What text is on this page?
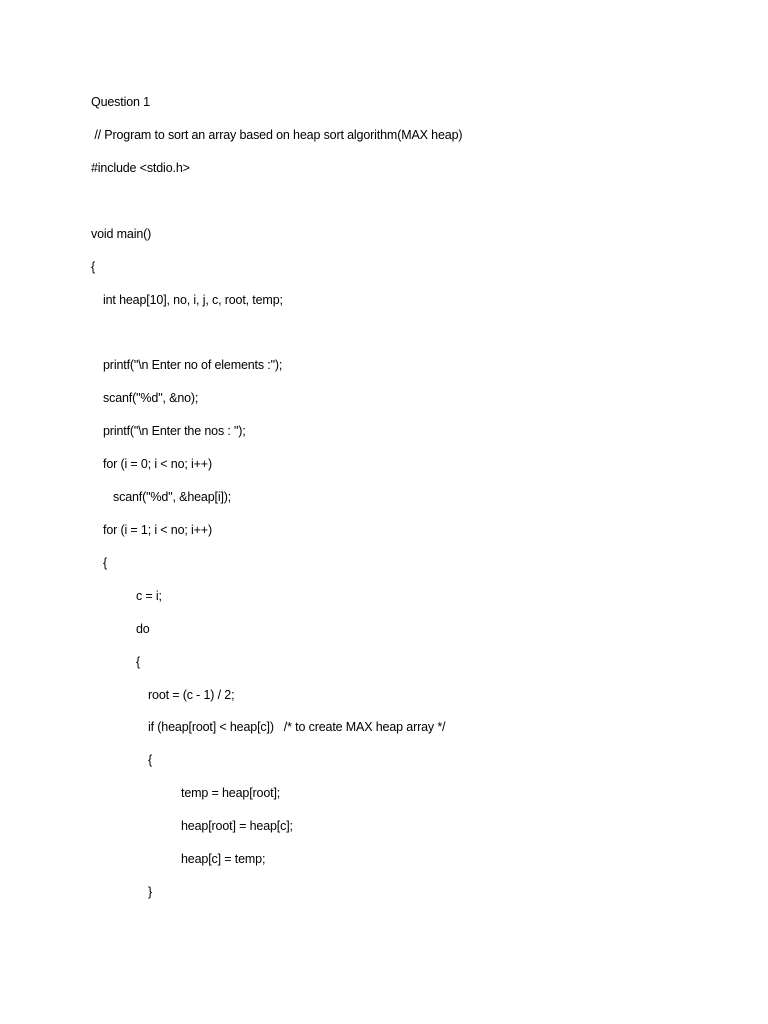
Question 1
// Program to sort an array based on heap sort algorithm(MAX heap)
#include <stdio.h>
void main()
{
int heap[10], no, i, j, c, root, temp;
printf("\n Enter no of elements :");
scanf("%d", &no);
printf("\n Enter the nos : ");
for (i = 0; i < no; i++)
scanf("%d", &heap[i]);
for (i = 1; i < no; i++)
{
c = i;
do
{
root = (c - 1) / 2;
if (heap[root] < heap[c])   /* to create MAX heap array */
{
temp = heap[root];
heap[root] = heap[c];
heap[c] = temp;
}
